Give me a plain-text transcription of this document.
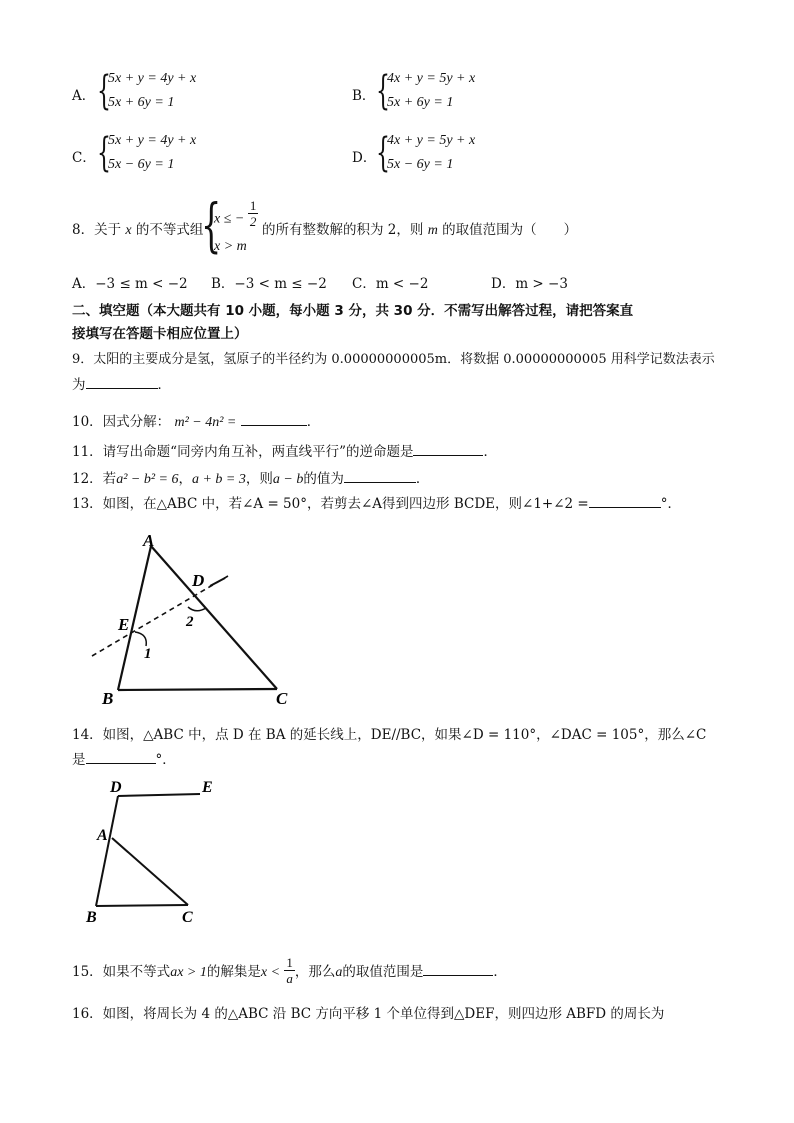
A． {
5x + y = 4y + x
5x + 6y = 1	B． {
4x + y = 5y + x
5x + 6y = 1
C． {
5x + y = 4y + x
5x − 6y = 1	D． {
4x + y = 5y + x
5x − 6y = 1
8．关于 x 的不等式组
{
x ≤ − $\frac{1}{2}$
x > m
的所有整数解的积为 2，则 m 的取值范围为（　　）
A．−3 ≤ m < −2 B．−3 < m ≤ −2 C．m < −2	D．m > −3
二、填空题（本大题共有 10 小题，每小题 3 分，共 30 分．不需写出解答过程，请把答案直
接填写在答题卡相应位置上）
9．太阳的主要成分是氢，氢原子的半径约为 0.00000000005m．将数据 0.00000000005 用科学记数法表示
为	．
10．因式分解： m² − 4n² =	．
11．请写出命题“同旁内角互补，两直线平行”的逆命题是	．
12．若a² − b² = 6，a + b = 3，则a − b的值为	．
13．如图，在△ABC 中，若∠A = 50°，若剪去∠A得到四边形 BCDE，则∠1+∠2 =	°．
A
B	C
D
E
1
2
14．如图，△ABC 中，点 D 在 BA 的延长线上，DE//BC，如果∠D = 110°，∠DAC = 105°，那么∠C
是	°．
D	E
A
B	C
15．如果不等式ax > 1的解集是$x < \frac{1}{a}$ ，那么a的取值范围是	．
16．如图，将周长为 4 的△ABC 沿 BC 方向平移 1 个单位得到△DEF，则四边形 ABFD 的周长为
